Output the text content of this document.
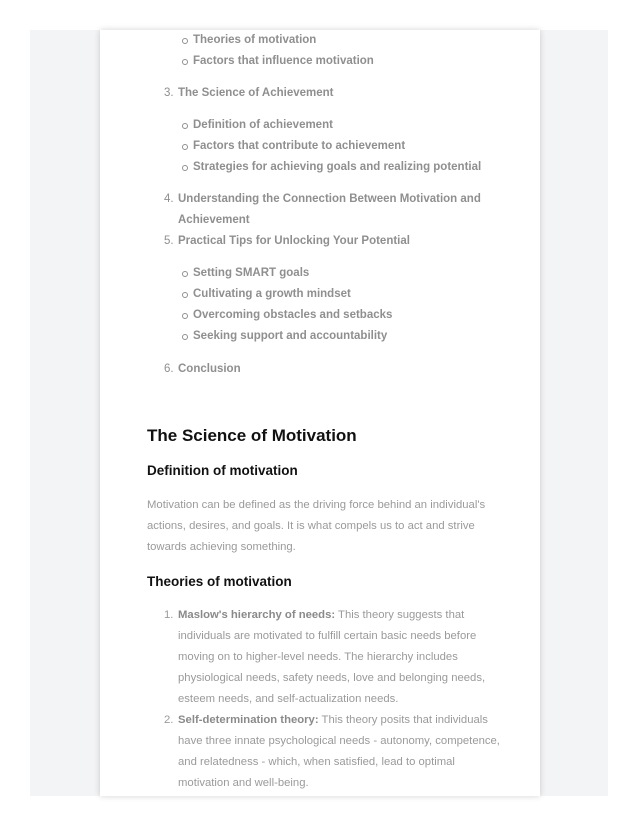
Theories of motivation
Factors that influence motivation
3. The Science of Achievement
Definition of achievement
Factors that contribute to achievement
Strategies for achieving goals and realizing potential
4. Understanding the Connection Between Motivation and
Achievement
5. Practical Tips for Unlocking Your Potential
Setting SMART goals
Cultivating a growth mindset
Overcoming obstacles and setbacks
Seeking support and accountability
6. Conclusion
The Science of Motivation
Definition of motivation
Motivation can be defined as the driving force behind an individual's
actions, desires, and goals. It is what compels us to act and strive
towards achieving something.
Theories of motivation
1. Maslow's hierarchy of needs: This theory suggests that
individuals are motivated to fulfill certain basic needs before
moving on to higher-level needs. The hierarchy includes
physiological needs, safety needs, love and belonging needs,
esteem needs, and self-actualization needs.
2. Self-determination theory: This theory posits that individuals
have three innate psychological needs - autonomy, competence,
and relatedness - which, when satisfied, lead to optimal
motivation and well-being.
